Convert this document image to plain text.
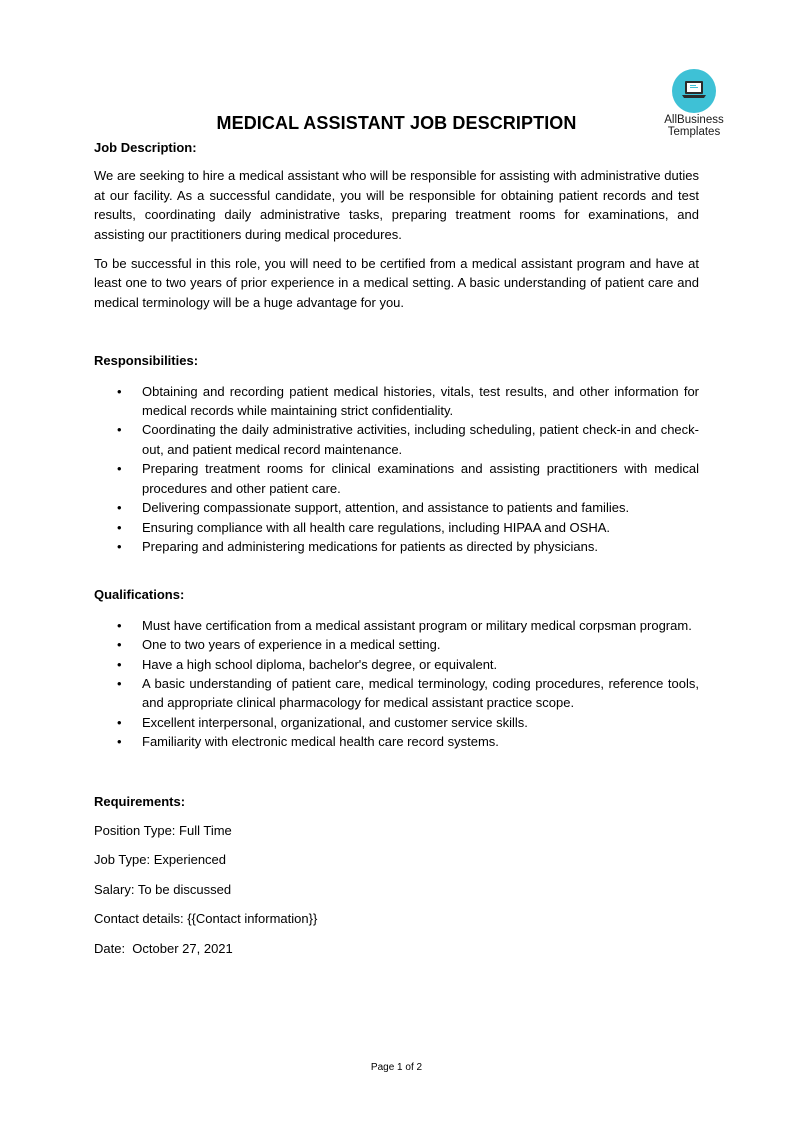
AllBusiness
Templates
MEDICAL ASSISTANT JOB DESCRIPTION

Job Description:

We are seeking to hire a medical assistant who will be responsible for assisting with administrative duties at our facility. As a successful candidate, you will be responsible for obtaining patient records and test results, coordinating daily administrative tasks, preparing treatment rooms for examinations, and assisting our practitioners during medical procedures.

To be successful in this role, you will need to be certified from a medical assistant program and have at least one to two years of prior experience in a medical setting. A basic understanding of patient care and medical terminology will be a huge advantage for you.

Responsibilities:

• Obtaining and recording patient medical histories, vitals, test results, and other information for medical records while maintaining strict confidentiality.
• Coordinating the daily administrative activities, including scheduling, patient check-in and check-out, and patient medical record maintenance.
• Preparing treatment rooms for clinical examinations and assisting practitioners with medical procedures and other patient care.
• Delivering compassionate support, attention, and assistance to patients and families.
• Ensuring compliance with all health care regulations, including HIPAA and OSHA.
• Preparing and administering medications for patients as directed by physicians.

Qualifications:

• Must have certification from a medical assistant program or military medical corpsman program.
• One to two years of experience in a medical setting.
• Have a high school diploma, bachelor's degree, or equivalent.
• A basic understanding of patient care, medical terminology, coding procedures, reference tools, and appropriate clinical pharmacology for medical assistant practice scope.
• Excellent interpersonal, organizational, and customer service skills.
• Familiarity with electronic medical health care record systems.

Requirements:

Position Type: Full Time

Job Type: Experienced

Salary: To be discussed

Contact details: {{Contact information}}

Date:  October 27, 2021

Page 1 of 2
